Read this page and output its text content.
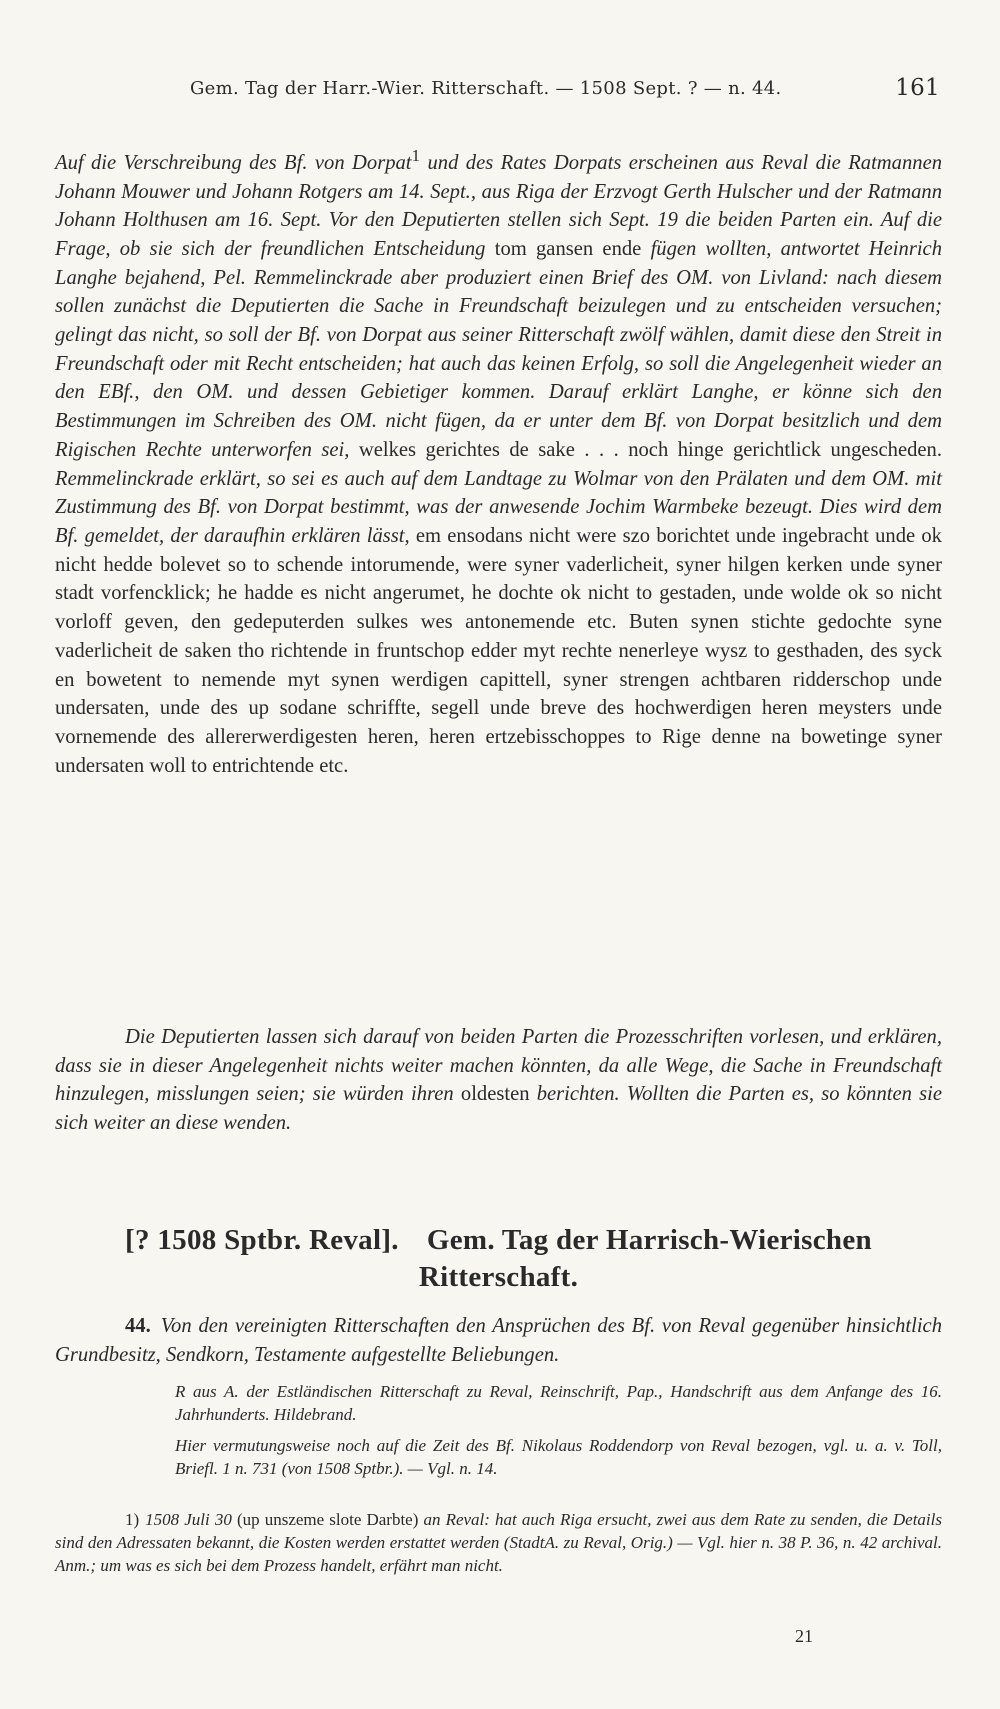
Gem. Tag der Harr.-Wier. Ritterschaft. — 1508 Sept. ? — n. 44.	161
Auf die Verschreibung des Bf. von Dorpat$^1$ und des Rates Dorpats erscheinen aus Reval die Ratmannen Johann Mouwer und Johann Rotgers am 14. Sept., aus Riga der Erzvogt Gerth Hulscher und der Ratmann Johann Holthusen am 16. Sept. Vor den Deputierten stellen sich Sept. 19 die beiden Parten ein. Auf die Frage, ob sie sich der freundlichen Entscheidung tom gansen ende fügen wollten, antwortet Heinrich Langhe bejahend, Pel. Remmelinckrade aber produziert einen Brief des OM. von Livland: nach diesem sollen zunächst die Deputierten die Sache in Freundschaft beizulegen und zu entscheiden versuchen; gelingt das nicht, so soll der Bf. von Dorpat aus seiner Ritterschaft zwölf wählen, damit diese den Streit in Freundschaft oder mit Recht entscheiden; hat auch das keinen Erfolg, so soll die Angelegenheit wieder an den EBf., den OM. und dessen Gebietiger kommen. Darauf erklärt Langhe, er könne sich den Bestimmungen im Schreiben des OM. nicht fügen, da er unter dem Bf. von Dorpat besitzlich und dem Rigischen Rechte unterworfen sei, welkes gerichtes de sake . . . noch hinge gerichtlick ungescheden. Remmelinckrade erklärt, so sei es auch auf dem Landtage zu Wolmar von den Prälaten und dem OM. mit Zustimmung des Bf. von Dorpat bestimmt, was der anwesende Jochim Warmbeke bezeugt. Dies wird dem Bf. gemeldet, der daraufhin erklären lässt, em ensodans nicht were szo borichtet unde ingebracht unde ok nicht hedde bolevet so to schende intorumende, were syner vaderlicheit, syner hilgen kerken unde syner stadt vorfencklick; he hadde es nicht angerumet, he dochte ok nicht to gestaden, unde wolde ok so nicht vorloff geven, den gedeputerden sulkes wes antonemende etc. Buten synen stichte gedochte syne vaderlicheit de saken tho richtende in fruntschop edder myt rechte nenerleye wysz to gesthaden, des syck en bowetent to nemende myt synen werdigen capittell, syner strengen achtbaren ridderschop unde undersaten, unde des up sodane schriffte, segell unde breve des hochwerdigen heren meysters unde vornemende des allererwerdigesten heren, heren ertzebisschoppes to Rige denne na bowetinge syner undersaten woll to entrichtende etc.
Die Deputierten lassen sich darauf von beiden Parten die Prozesschriften vorlesen, und erklären, dass sie in dieser Angelegenheit nichts weiter machen könnten, da alle Wege, die Sache in Freundschaft hinzulegen, misslungen seien; sie würden ihren oldesten berichten. Wollten die Parten es, so könnten sie sich weiter an diese wenden.
[? 1508 Sptbr. Reval]. Gem. Tag der Harrisch-Wierischen
Ritterschaft.
44. Von den vereinigten Ritterschaften den Ansprüchen des Bf. von Reval gegenüber hinsichtlich Grundbesitz, Sendkorn, Testamente aufgestellte Beliebungen.
R aus A. der Estländischen Ritterschaft zu Reval, Reinschrift, Pap., Handschrift aus dem Anfange des 16. Jahrhunderts. Hildebrand.
Hier vermutungsweise noch auf die Zeit des Bf. Nikolaus Roddendorp von Reval bezogen, vgl. u. a. v. Toll, Briefl. 1 n. 731 (von 1508 Sptbr.). — Vgl. n. 14.
1) 1508 Juli 30 (up unszeme slote Darbte) an Reval: hat auch Riga ersucht, zwei aus dem Rate zu senden, die Details sind den Adressaten bekannt, die Kosten werden erstattet werden (StadtA. zu Reval, Orig.) — Vgl. hier n. 38 P. 36, n. 42 archival. Anm.; um was es sich bei dem Prozess handelt, erfährt man nicht.
21
